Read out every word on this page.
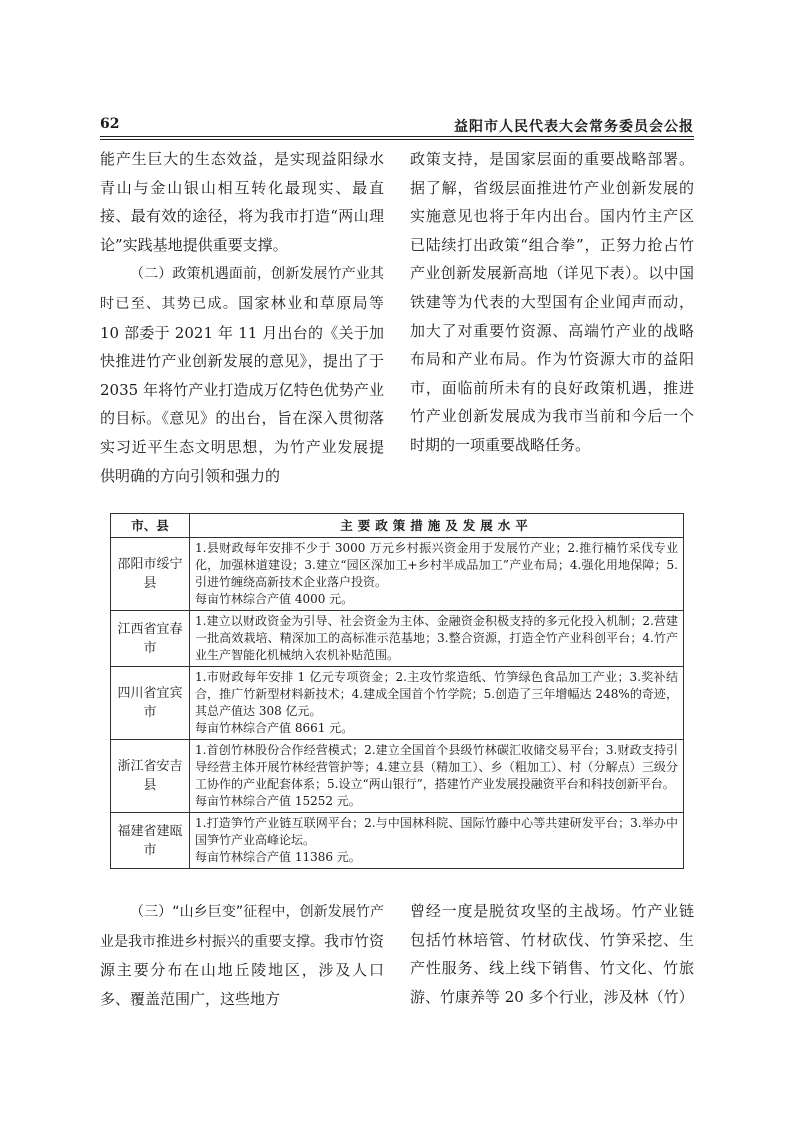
62	益阳市人民代表大会常务委员会公报

能产生巨大的生态效益，是实现益阳绿水青山与金山银山相互转化最现实、最直接、最有效的途径，将为我市打造“两山理论”实践基地提供重要支撑。

（二）政策机遇面前，创新发展竹产业其时已至、其势已成。国家林业和草原局等 10 部委于 2021 年 11 月出台的《关于加快推进竹产业创新发展的意见》，提出了于 2035 年将竹产业打造成万亿特色优势产业的目标。《意见》的出台，旨在深入贯彻落实习近平生态文明思想，为竹产业发展提供明确的方向引领和强力的

政策支持，是国家层面的重要战略部署。据了解，省级层面推进竹产业创新发展的实施意见也将于年内出台。国内竹主产区已陆续打出政策“组合拳”，正努力抢占竹产业创新发展新高地（详见下表）。以中国铁建等为代表的大型国有企业闻声而动，加大了对重要竹资源、高端竹产业的战略布局和产业布局。作为竹资源大市的益阳市，面临前所未有的良好政策机遇，推进竹产业创新发展成为我市当前和今后一个时期的一项重要战略任务。

市、县	主要政策措施及发展水平
邵阳市绥宁县	1.县财政每年安排不少于 3000 万元乡村振兴资金用于发展竹产业；2.推行楠竹采伐专业化，加强林道建设；3.建立“园区深加工+乡村半成品加工”产业布局；4.强化用地保障；5.引进竹缠绕高新技术企业落户投资。
每亩竹林综合产值 4000 元。

江西省宜春市	1.建立以财政资金为引导、社会资金为主体、金融资金积极支持的多元化投入机制；2.营建一批高效栽培、精深加工的高标准示范基地；3.整合资源，打造全竹产业科创平台；4.竹产业生产智能化机械纳入农机补贴范围。

四川省宜宾市	1.市财政每年安排 1 亿元专项资金；2.主攻竹浆造纸、竹笋绿色食品加工产业；3.奖补结合，推广竹新型材料新技术；4.建成全国首个竹学院；5.创造了三年增幅达 248%的奇迹，其总产值达 308 亿元。
每亩竹林综合产值 8661 元。

浙江省安吉县	1.首创竹林股份合作经营模式；2.建立全国首个县级竹林碳汇收储交易平台；3.财政支持引导经营主体开展竹林经营管护等；4.建立县（精加工）、乡（粗加工）、村（分解点）三级分工协作的产业配套体系；5.设立“两山银行”，搭建竹产业发展投融资平台和科技创新平台。
每亩竹林综合产值 15252 元。

福建省建瓯市	1.打造笋竹产业链互联网平台；2.与中国林科院、国际竹藤中心等共建研发平台；3.举办中国笋竹产业高峰论坛。
每亩竹林综合产值 11386 元。

（三）“山乡巨变”征程中，创新发展竹产业是我市推进乡村振兴的重要支撑。我市竹资源主要分布在山地丘陵地区，涉及人口多、覆盖范围广，这些地方

曾经一度是脱贫攻坚的主战场。竹产业链包括竹林培管、竹材砍伐、竹笋采挖、生产性服务、线上线下销售、竹文化、竹旅游、竹康养等 20 多个行业，涉及林（竹）
